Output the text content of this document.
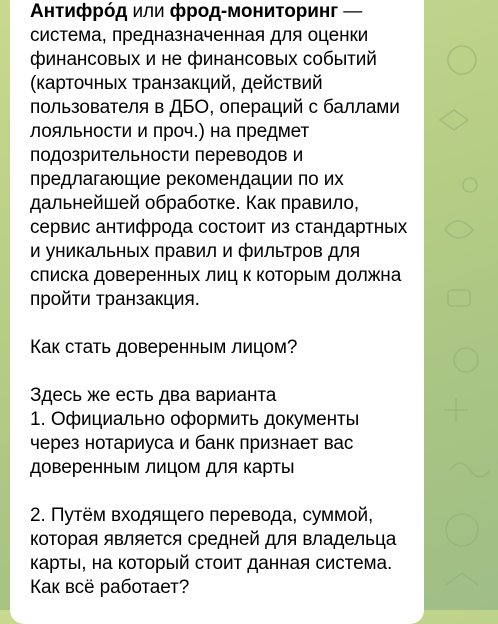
Антифро́д или фрод-мониторинг — система, предназначенная для оценки финансовых и не финансовых событий (карточных транзакций, действий пользователя в ДБО, операций с баллами лояльности и проч.) на предмет подозрительности переводов и предлагающие рекомендации по их дальнейшей обработке. Как правило, сервис антифрода состоит из стандартных и уникальных правил и фильтров для списка доверенных лиц к которым должна пройти транзакция.

Как стать доверенным лицом?

Здесь же есть два варианта
1. Официально оформить документы через нотариуса и банк признает вас доверенным лицом для карты

2. Путём входящего перевода, суммой, которая является средней для владельца карты, на который стоит данная система. Как всё работает?
